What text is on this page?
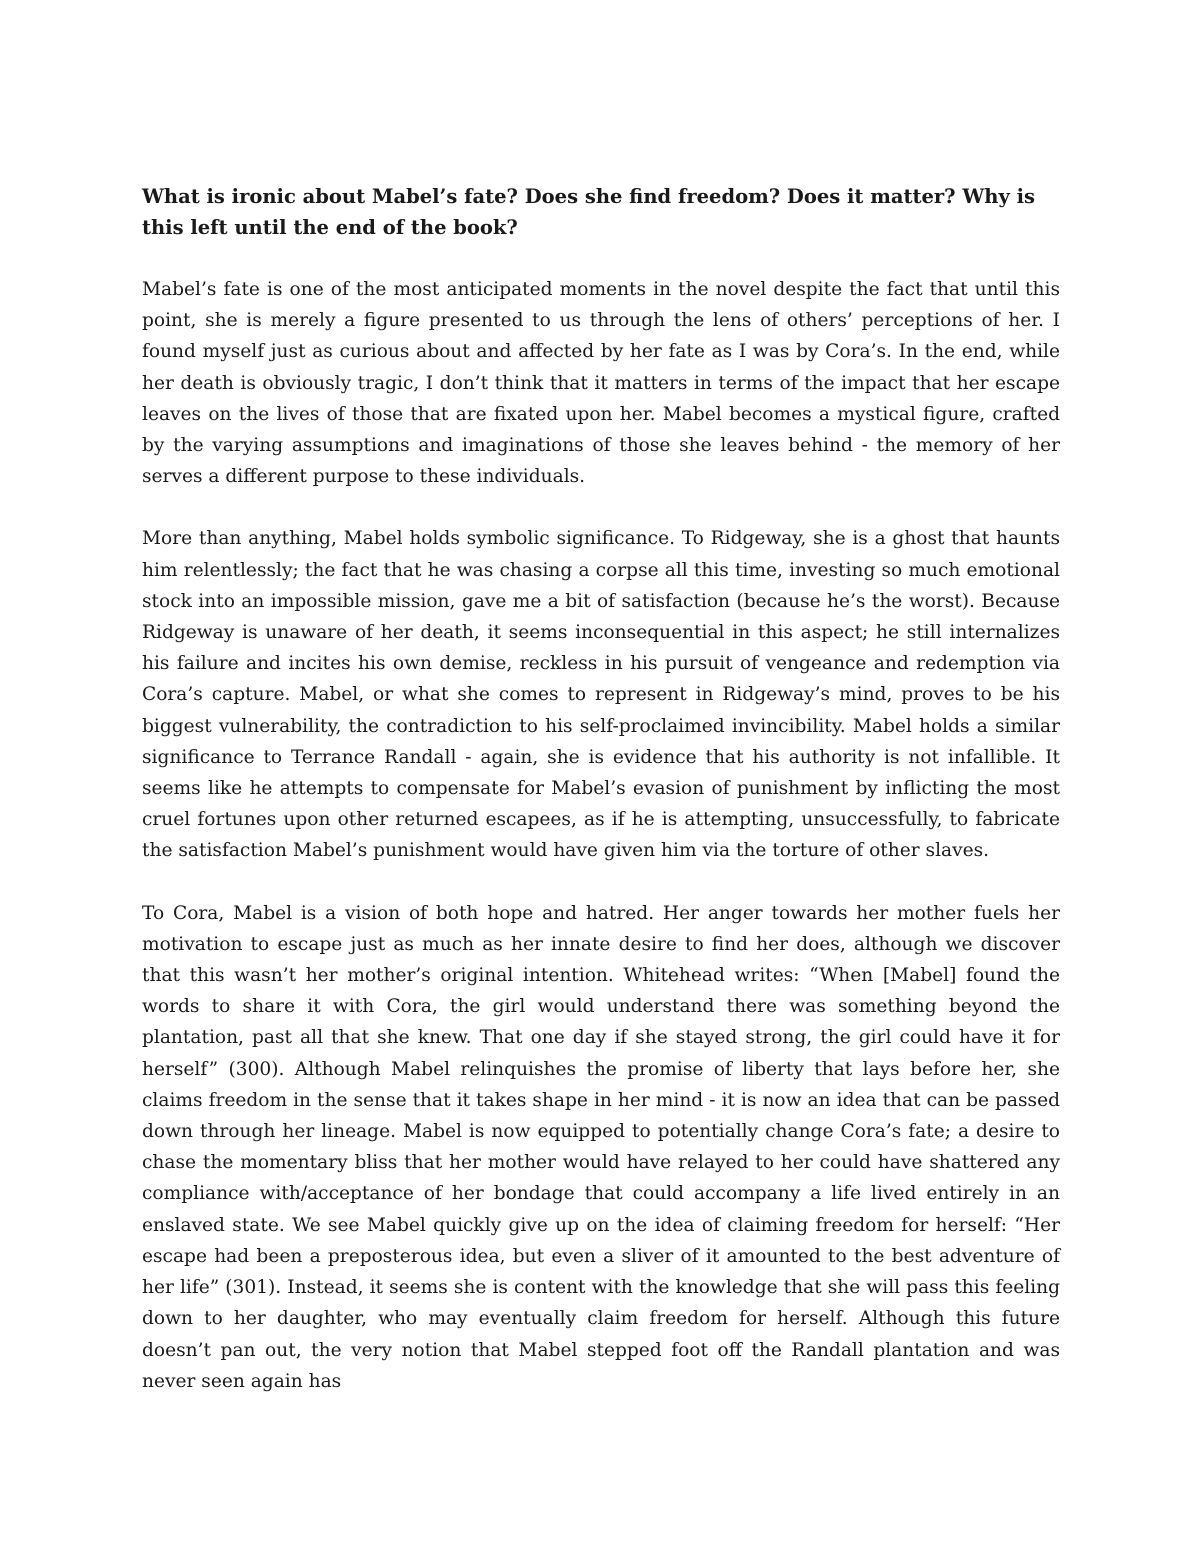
What is ironic about Mabel’s fate? Does she find freedom? Does it matter? Why is this left until the end of the book?

Mabel’s fate is one of the most anticipated moments in the novel despite the fact that until this point, she is merely a figure presented to us through the lens of others’ perceptions of her. I found myself just as curious about and affected by her fate as I was by Cora’s. In the end, while her death is obviously tragic, I don’t think that it matters in terms of the impact that her escape leaves on the lives of those that are fixated upon her. Mabel becomes a mystical figure, crafted by the varying assumptions and imaginations of those she leaves behind - the memory of her serves a different purpose to these individuals.

More than anything, Mabel holds symbolic significance. To Ridgeway, she is a ghost that haunts him relentlessly; the fact that he was chasing a corpse all this time, investing so much emotional stock into an impossible mission, gave me a bit of satisfaction (because he’s the worst). Because Ridgeway is unaware of her death, it seems inconsequential in this aspect; he still internalizes his failure and incites his own demise, reckless in his pursuit of vengeance and redemption via Cora’s capture. Mabel, or what she comes to represent in Ridgeway’s mind, proves to be his biggest vulnerability, the contradiction to his self-proclaimed invincibility. Mabel holds a similar significance to Terrance Randall - again, she is evidence that his authority is not infallible. It seems like he attempts to compensate for Mabel’s evasion of punishment by inflicting the most cruel fortunes upon other returned escapees, as if he is attempting, unsuccessfully, to fabricate the satisfaction Mabel’s punishment would have given him via the torture of other slaves.

To Cora, Mabel is a vision of both hope and hatred. Her anger towards her mother fuels her motivation to escape just as much as her innate desire to find her does, although we discover that this wasn’t her mother’s original intention. Whitehead writes: “When [Mabel] found the words to share it with Cora, the girl would understand there was something beyond the plantation, past all that she knew. That one day if she stayed strong, the girl could have it for herself” (300). Although Mabel relinquishes the promise of liberty that lays before her, she claims freedom in the sense that it takes shape in her mind - it is now an idea that can be passed down through her lineage. Mabel is now equipped to potentially change Cora’s fate; a desire to chase the momentary bliss that her mother would have relayed to her could have shattered any compliance with/acceptance of her bondage that could accompany a life lived entirely in an enslaved state. We see Mabel quickly give up on the idea of claiming freedom for herself: “Her escape had been a preposterous idea, but even a sliver of it amounted to the best adventure of her life” (301). Instead, it seems she is content with the knowledge that she will pass this feeling down to her daughter, who may eventually claim freedom for herself. Although this future doesn’t pan out, the very notion that Mabel stepped foot off the Randall plantation and was never seen again has
